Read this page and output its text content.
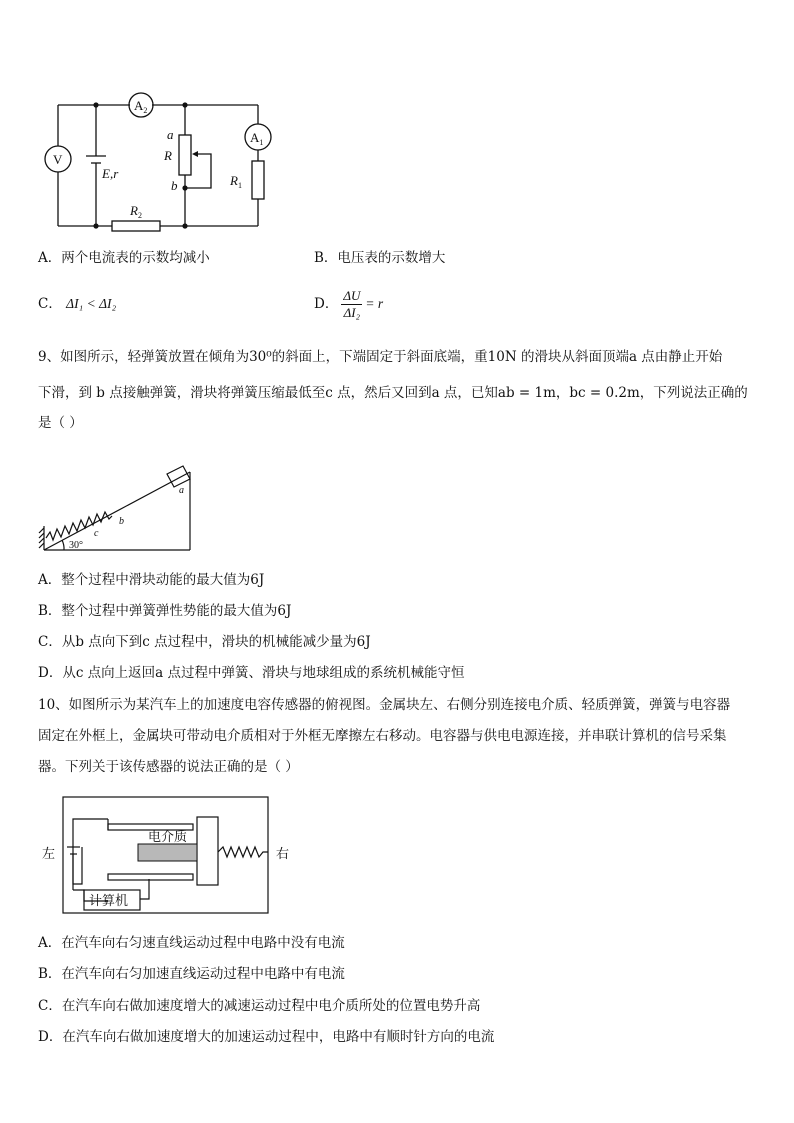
V
$A_2$
$A_1$
a
R
b
E,r
$R_2$
$R_1$
A．两个电流表的示数均减小	B．电压表的示数增大
C． ΔI₁ < ΔI₂	D． $\frac{\Delta U}{\text{ΔI₂}} = r$
9、如图所示，轻弹簧放置在倾角为30⁰的斜面上，下端固定于斜面底端，重10N 的滑块从斜面顶端a 点由静止开始
下滑，到 b 点接触弹簧，滑块将弹簧压缩最低至c 点，然后又回到a 点，已知ab = 1m，bc = 0.2m，下列说法正确的
是（ ）
a
b
c
30°
A．整个过程中滑块动能的最大值为6J
B．整个过程中弹簧弹性势能的最大值为6J
C．从b 点向下到c 点过程中，滑块的机械能减少量为6J
D．从c 点向上返回a 点过程中弹簧、滑块与地球组成的系统机械能守恒
10、如图所示为某汽车上的加速度电容传感器的俯视图。金属块左、右侧分别连接电介质、轻质弹簧，弹簧与电容器
固定在外框上，金属块可带动电介质相对于外框无摩擦左右移动。电容器与供电电源连接，并串联计算机的信号采集
器。下列关于该传感器的说法正确的是（ ）
电介质
左	右
计算机
A．在汽车向右匀速直线运动过程中电路中没有电流
B．在汽车向右匀加速直线运动过程中电路中有电流
C．在汽车向右做加速度增大的减速运动过程中电介质所处的位置电势升高
D．在汽车向右做加速度增大的加速运动过程中，电路中有顺时针方向的电流
